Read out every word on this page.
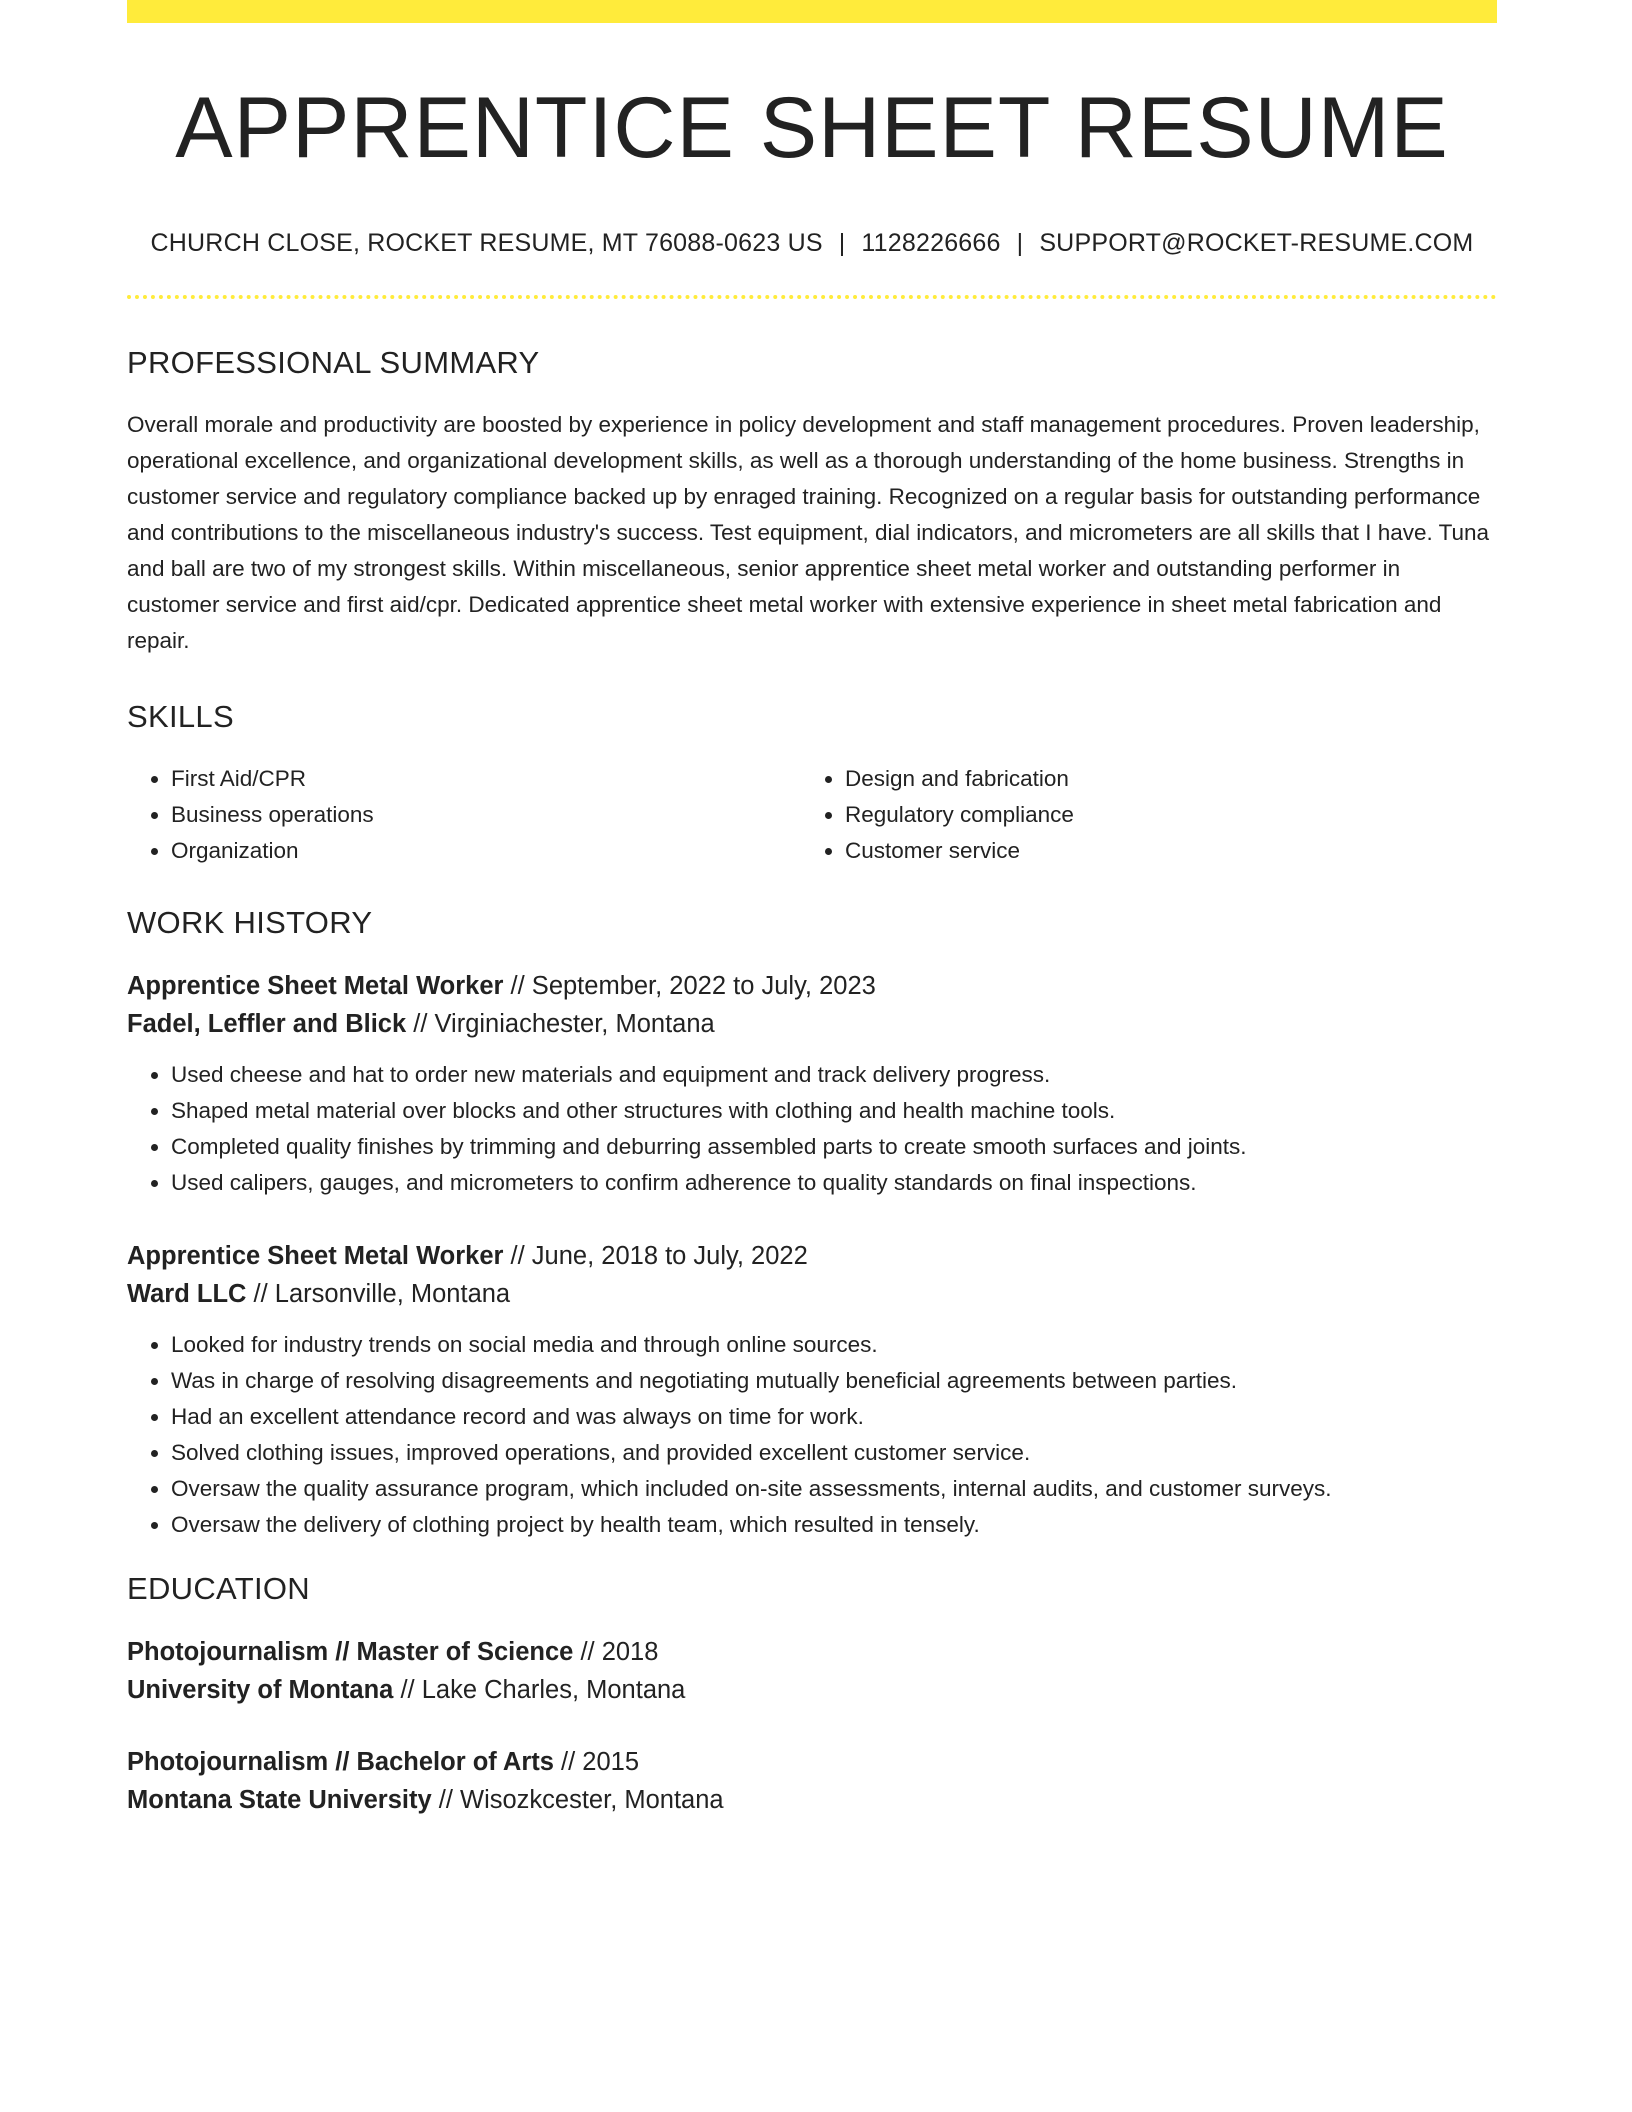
APPRENTICE SHEET RESUME
CHURCH CLOSE, ROCKET RESUME, MT 76088-0623 US | 1128226666 | SUPPORT@ROCKET-RESUME.COM
PROFESSIONAL SUMMARY

Overall morale and productivity are boosted by experience in policy development and staff management procedures. Proven leadership, operational excellence, and organizational development skills, as well as a thorough understanding of the home business. Strengths in customer service and regulatory compliance backed up by enraged training. Recognized on a regular basis for outstanding performance and contributions to the miscellaneous industry's success. Test equipment, dial indicators, and micrometers are all skills that I have. Tuna and ball are two of my strongest skills. Within miscellaneous, senior apprentice sheet metal worker and outstanding performer in customer service and first aid/cpr. Dedicated apprentice sheet metal worker with extensive experience in sheet metal fabrication and repair.

SKILLS
• First Aid/CPR
• Business operations
• Organization
• Design and fabrication
• Regulatory compliance
• Customer service
WORK HISTORY
Apprentice Sheet Metal Worker // September, 2022 to July, 2023
Fadel, Leffler and Blick // Virginiachester, Montana
• Used cheese and hat to order new materials and equipment and track delivery progress.
• Shaped metal material over blocks and other structures with clothing and health machine tools.
• Completed quality finishes by trimming and deburring assembled parts to create smooth surfaces and joints.
• Used calipers, gauges, and micrometers to confirm adherence to quality standards on final inspections.
Apprentice Sheet Metal Worker // June, 2018 to July, 2022
Ward LLC // Larsonville, Montana
• Looked for industry trends on social media and through online sources.
• Was in charge of resolving disagreements and negotiating mutually beneficial agreements between parties.
• Had an excellent attendance record and was always on time for work.
• Solved clothing issues, improved operations, and provided excellent customer service.
• Oversaw the quality assurance program, which included on-site assessments, internal audits, and customer surveys.
• Oversaw the delivery of clothing project by health team, which resulted in tensely.
EDUCATION
Photojournalism // Master of Science // 2018
University of Montana // Lake Charles, Montana
Photojournalism // Bachelor of Arts // 2015
Montana State University // Wisozkcester, Montana
